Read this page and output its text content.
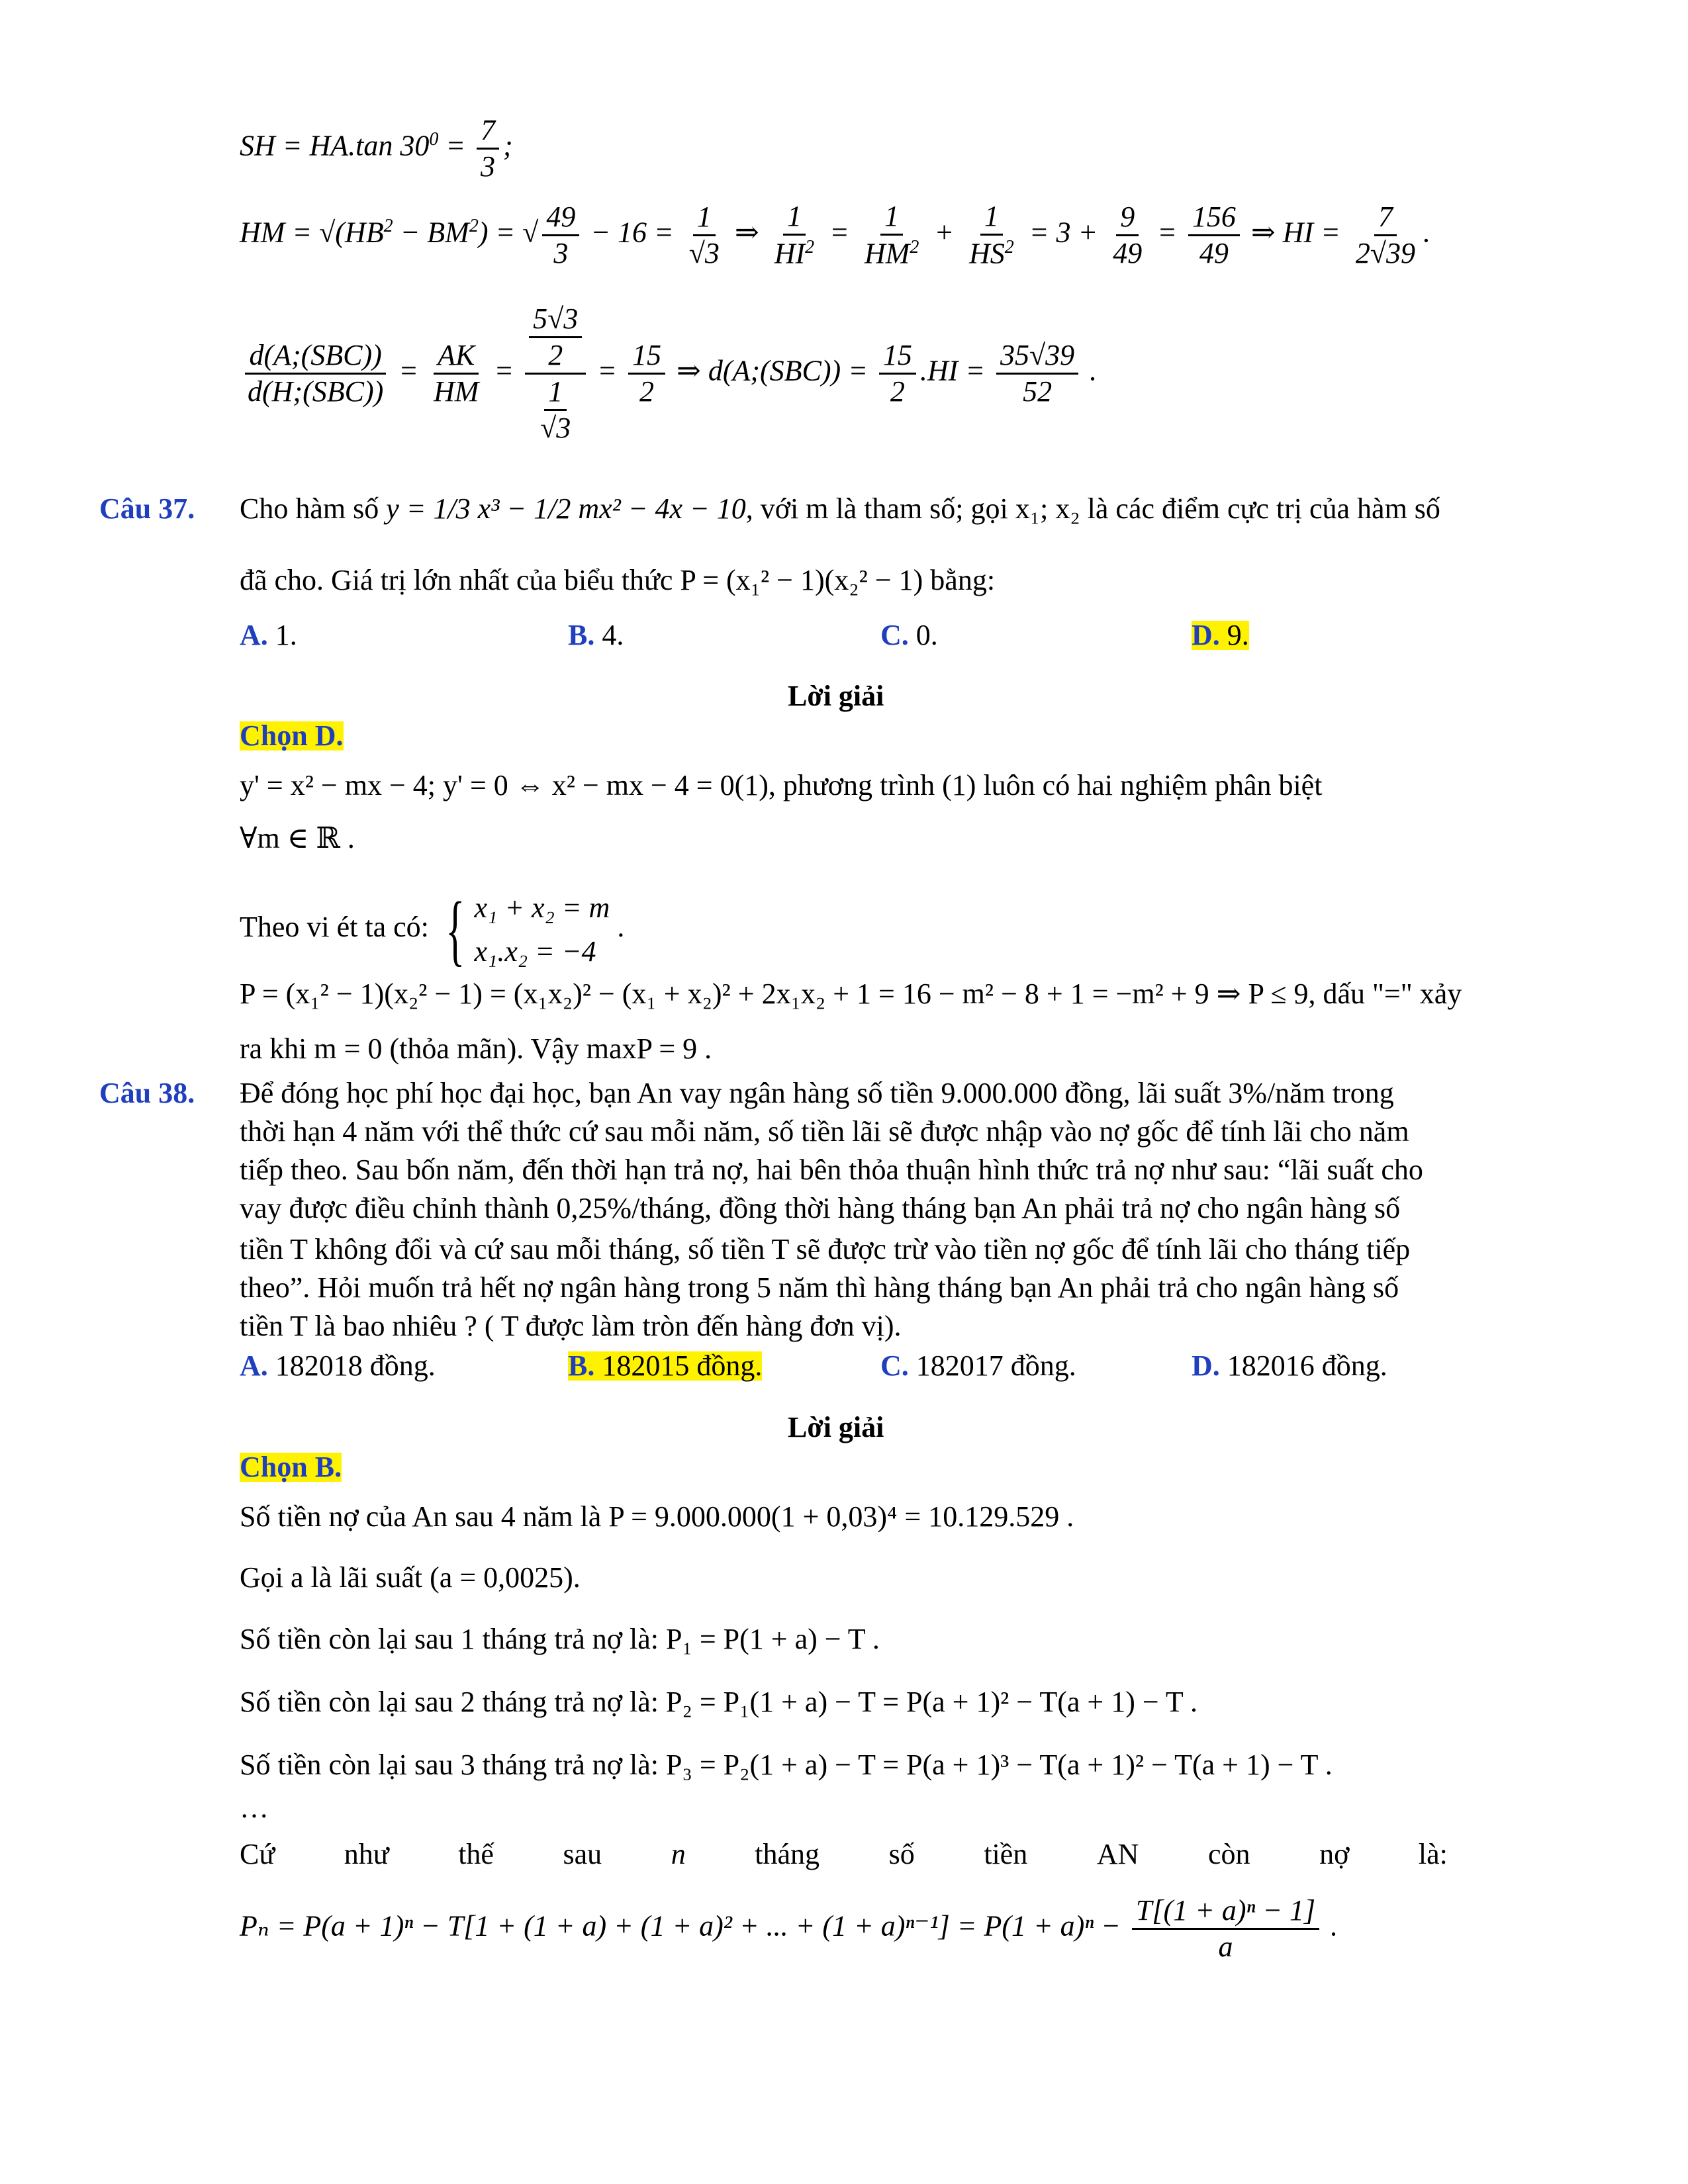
SH = HA.tan $30^0 = \frac{7}{3}$ ;
HM = $√(HB^2 - BM^2)$ = √ $\frac{49}{3} - 16 = \frac{1}{√3}$ ⇒ $\frac{1}{HI^2} = \frac{1}{HM^2} + \frac{1}{HS^2} = 3 + \frac{9}{49} = \frac{156}{49}$ ⇒ HI = $\frac{7}{2√39}$ .
$\frac{\text{d(A;(SBC))}}{\text{d(H;(SBC))}} = \frac{AK}{HM} = \frac{\frac{5√3}{2}}{\frac{1}{√3}} = \frac{15}{2}$ ⇒ d(A;(SBC)) = $\frac{15}{2} .HI = \frac{35√39}{52}$ .
Câu 37. Cho hàm số y = 1/3 x³ − 1/2 mx² − 4x − 10, với m là tham số; gọi x₁; x₂ là các điểm cực trị của hàm số
đã cho. Giá trị lớn nhất của biểu thức P = (x₁² − 1)(x₂² − 1) bằng:
A. 1.	B. 4.	C. 0.	D. 9.
Lời giải
Chọn D.
y' = x² − mx − 4; y' = 0 ⇔ x² − mx − 4 = 0(1), phương trình (1) luôn có hai nghiệm phân biệt
∀m ∈ ℝ .
Theo vi ét ta có: { x₁ + x₂ = m
x₁.x₂ = −4
.
P = (x₁² − 1)(x₂² − 1) = (x₁x₂)² − (x₁ + x₂)² + 2x₁x₂ + 1 = 16 − m² − 8 + 1 = −m² + 9 ⇒ P ≤ 9, dấu "=" xảy
ra khi m = 0 (thỏa mãn). Vậy maxP = 9 .
Câu 38. Để đóng học phí học đại học, bạn An vay ngân hàng số tiền 9.000.000 đồng, lãi suất 3%/năm trong
thời hạn 4 năm với thể thức cứ sau mỗi năm, số tiền lãi sẽ được nhập vào nợ gốc để tính lãi cho năm
tiếp theo. Sau bốn năm, đến thời hạn trả nợ, hai bên thỏa thuận hình thức trả nợ như sau: “lãi suất cho
vay được điều chỉnh thành 0,25%/tháng, đồng thời hàng tháng bạn An phải trả nợ cho ngân hàng số
tiền T không đổi và cứ sau mỗi tháng, số tiền T sẽ được trừ vào tiền nợ gốc để tính lãi cho tháng tiếp
theo”. Hỏi muốn trả hết nợ ngân hàng trong 5 năm thì hàng tháng bạn An phải trả cho ngân hàng số
tiền T là bao nhiêu ? ( T được làm tròn đến hàng đơn vị).
A. 182018 đồng.	B. 182015 đồng.	C. 182017 đồng.	D. 182016 đồng.
Lời giải
Chọn B.
Số tiền nợ của An sau 4 năm là P = 9.000.000(1 + 0,03)⁴ = 10.129.529 .
Gọi a là lãi suất (a = 0,0025).
Số tiền còn lại sau 1 tháng trả nợ là: P₁ = P(1 + a) − T .
Số tiền còn lại sau 2 tháng trả nợ là: P₂ = P₁(1 + a) − T = P(a + 1)² − T(a + 1) − T .
Số tiền còn lại sau 3 tháng trả nợ là: P₃ = P₂(1 + a) − T = P(a + 1)³ − T(a + 1)² − T(a + 1) − T .
…
Cứ như thế sau n tháng số tiền AN còn nợ là:
Pₙ = P(a + 1)ⁿ − T[1 + (1 + a) + (1 + a)² + ... + $(1 + a)^{n-1}] = P(1 + a)^n - \frac{\text{T[(1 + a)ⁿ − 1]}}{a}$ .
